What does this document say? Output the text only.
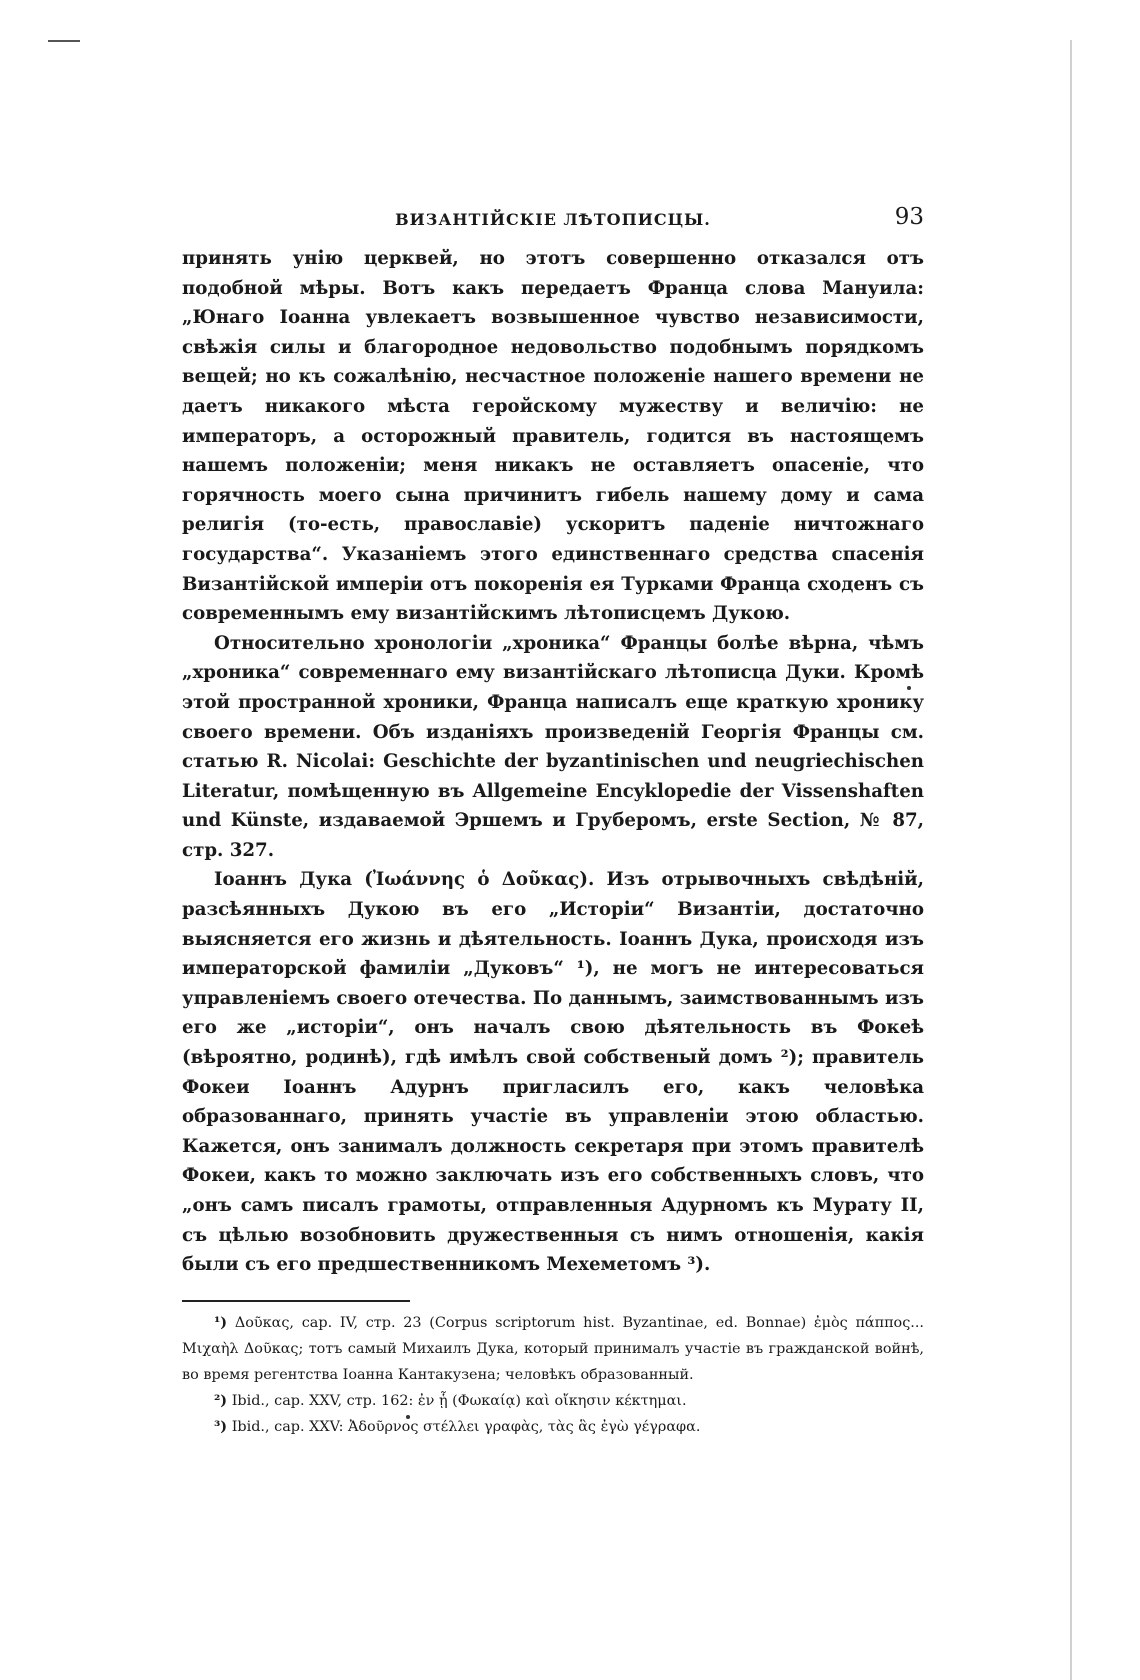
ВИЗАНТІЙСКІЕ ЛѢТОПИСЦЫ.	93

принять унію церквей, но этотъ совершенно отказался отъ подобной мѣры. Вотъ какъ передаетъ Франца слова Мануила: „Юнаго Іоанна увлекаетъ возвышенное чувство независимости, свѣжія силы и благородное недовольство подобнымъ порядкомъ вещей; но къ сожалѣнію, несчастное положеніе нашего времени не даетъ никакого мѣста геройскому мужеству и величію: не императоръ, а осторожный правитель, годится въ настоящемъ нашемъ положеніи; меня никакъ не оставляетъ опасеніе, что горячность моего сына причинитъ гибель нашему дому и сама религія (то-есть, православіе) ускоритъ паденіе ничтожнаго государства“. Указаніемъ этого единственнаго средства спасенія Византійской имперіи отъ покоренія ея Турками Франца сходенъ съ современнымъ ему византійскимъ лѣтописцемъ Дукою.

Относительно хронологіи „хроника“ Францы болѣе вѣрна, чѣмъ „хроника“ современнаго ему византійскаго лѣтописца Дуки. Кромѣ этой пространной хроники, Франца написалъ еще краткую хронику своего времени. Объ изданіяхъ произведеній Георгія Францы см. статью R. Nicolai: Geschichte der byzantinischen und neugriechischen Literatur, помѣщенную въ Allgemeine Encyklopedie der Vissenshaften und Künste, издаваемой Эршемъ и Груберомъ, erste Section, № 87, стр. 327.

Іоаннъ Дука (Ἰωάννης ὁ Δοῦκας). Изъ отрывочныхъ свѣдѣній, разсѣянныхъ Дукою въ его „Исторіи“ Византіи, достаточно выясняется его жизнь и дѣятельность. Іоаннъ Дука, происходя изъ императорской фамиліи „Дуковъ“ ¹), не могъ не интересоваться управленіемъ своего отечества. По даннымъ, заимствованнымъ изъ его же „исторіи“, онъ началъ свою дѣятельность въ Фокеѣ (вѣроятно, родинѣ), гдѣ имѣлъ свой собственый домъ ²); правитель Фокеи Іоаннъ Адурнъ пригласилъ его, какъ человѣка образованнаго, принять участіе въ управленіи этою областью. Кажется, онъ занималъ должность секретаря при этомъ правителѣ Фокеи, какъ то можно заключать изъ его собственныхъ словъ, что „онъ самъ писалъ грамоты, отправленныя Адурномъ къ Мурату II, съ цѣлью возобновить дружественныя съ нимъ отношенія, какія были съ его предшественникомъ Мехеметомъ ³).

¹) Δοῦκας, cap. IV, стр. 23 (Corpus scriptorum hist. Byzantinae, ed. Bonnae) ἐμὸς πάππος... Μιχαὴλ Δοῦκας; тотъ самый Михаилъ Дука, который принималъ участіе въ гражданской войнѣ, во время регентства Іоанна Кантакузена; человѣкъ образованный.

²) Ibid., cap. XXV, стр. 162: ἐν ᾗ (Φωκαίᾳ) καὶ οἴκησιν κέκτημαι.

³) Ibid., cap. XXV: Ἀδοῦρνος στέλλει γραφὰς, τὰς ἃς ἐγὼ γέγραφα.
